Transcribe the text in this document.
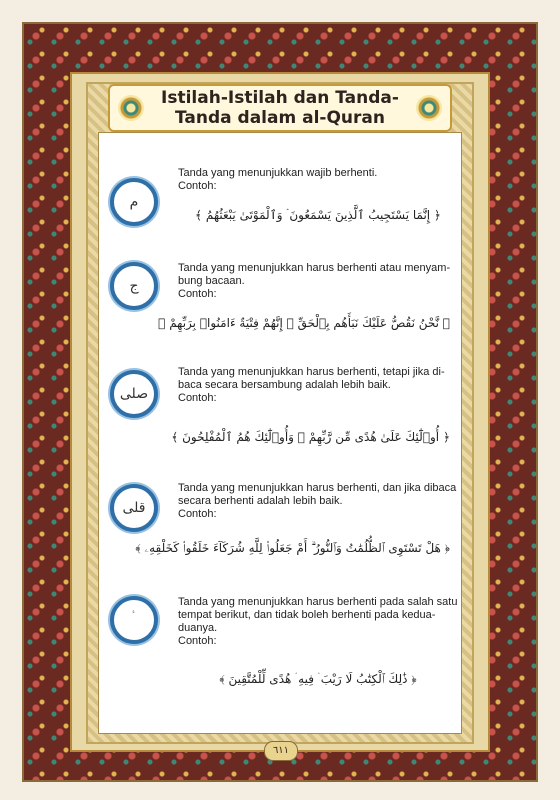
Istilah-Istilah dan Tanda-
Tanda dalam al-Quran
م
Tanda yang menunjukkan wajib berhenti.
Contoh:
﴿ إِنَّمَا يَسْتَجِيبُ ٱلَّذِينَ يَسْمَعُونَ ۘ وَٱلْمَوْتَىٰ يَبْعَثُهُمُ ﴾
ج
Tanda yang menunjukkan harus berhenti atau menyam-
bung bacaan.
Contoh:
﴿ نَّحْنُ نَقُصُّ عَلَيْكَ نَبَأَهُم بِٱلْحَقِّ ۚ إِنَّهُمْ فِتْيَةٌ ءَامَنُوا۟ بِرَبِّهِمْ ﴾
صلى
Tanda yang menunjukkan harus berhenti, tetapi jika di-
baca secara bersambung adalah lebih baik.
Contoh:
﴿ أُو۟لَٰٓئِكَ عَلَىٰ هُدًى مِّن رَّبِّهِمْ ۖ وَأُو۟لَٰٓئِكَ هُمُ ٱلْمُفْلِحُونَ ﴾
قلى
Tanda yang menunjukkan harus berhenti, dan jika dibaca
secara berhenti adalah lebih baik.
Contoh:
﴿ هَلْ تَسْتَوِى ٱلظُّلُمَٰتُ وَٱلنُّورُ ۗ أَمْ جَعَلُوا۟ لِلَّهِ شُرَكَآءَ خَلَقُوا۟ كَخَلْقِهِۦ ﴾
ۛ ۛ
Tanda yang menunjukkan harus berhenti pada salah satu
tempat berikut, dan tidak boleh berhenti pada kedua-
duanya.
Contoh:
﴿ ذَٰلِكَ ٱلْكِتَٰبُ لَا رَيْبَ ۛ فِيهِ ۛ هُدًى لِّلْمُتَّقِينَ ﴾
٦١١
